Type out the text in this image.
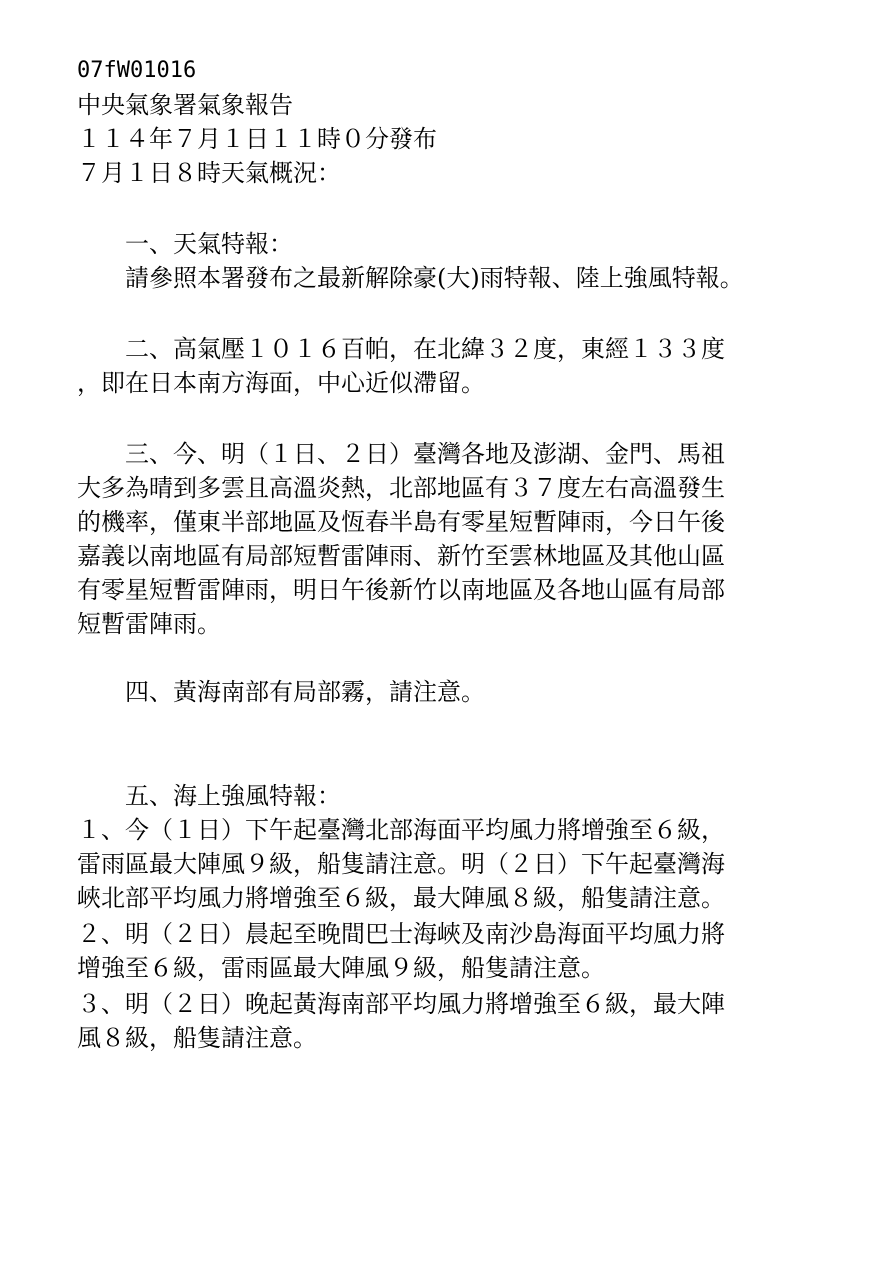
07fW01016
中央氣象署氣象報告
１１４年７月１日１１時０分發布
７月１日８時天氣概況：
　　一、天氣特報：
　　請參照本署發布之最新解除豪(大)雨特報、陸上強風特報。
　　二、高氣壓１０１６百帕，在北緯３２度，東經１３３度
，即在日本南方海面，中心近似滯留。
　　三、今、明（１日、２日）臺灣各地及澎湖、金門、馬祖
大多為晴到多雲且高溫炎熱，北部地區有３７度左右高溫發生
的機率，僅東半部地區及恆春半島有零星短暫陣雨，今日午後
嘉義以南地區有局部短暫雷陣雨、新竹至雲林地區及其他山區
有零星短暫雷陣雨，明日午後新竹以南地區及各地山區有局部
短暫雷陣雨。
　　四、黃海南部有局部霧，請注意。
　　五、海上強風特報：
１、今（１日）下午起臺灣北部海面平均風力將增強至６級，
雷雨區最大陣風９級，船隻請注意。明（２日）下午起臺灣海
峽北部平均風力將增強至６級，最大陣風８級，船隻請注意。
２、明（２日）晨起至晚間巴士海峽及南沙島海面平均風力將
增強至６級，雷雨區最大陣風９級，船隻請注意。
３、明（２日）晚起黃海南部平均風力將增強至６級，最大陣
風８級，船隻請注意。
